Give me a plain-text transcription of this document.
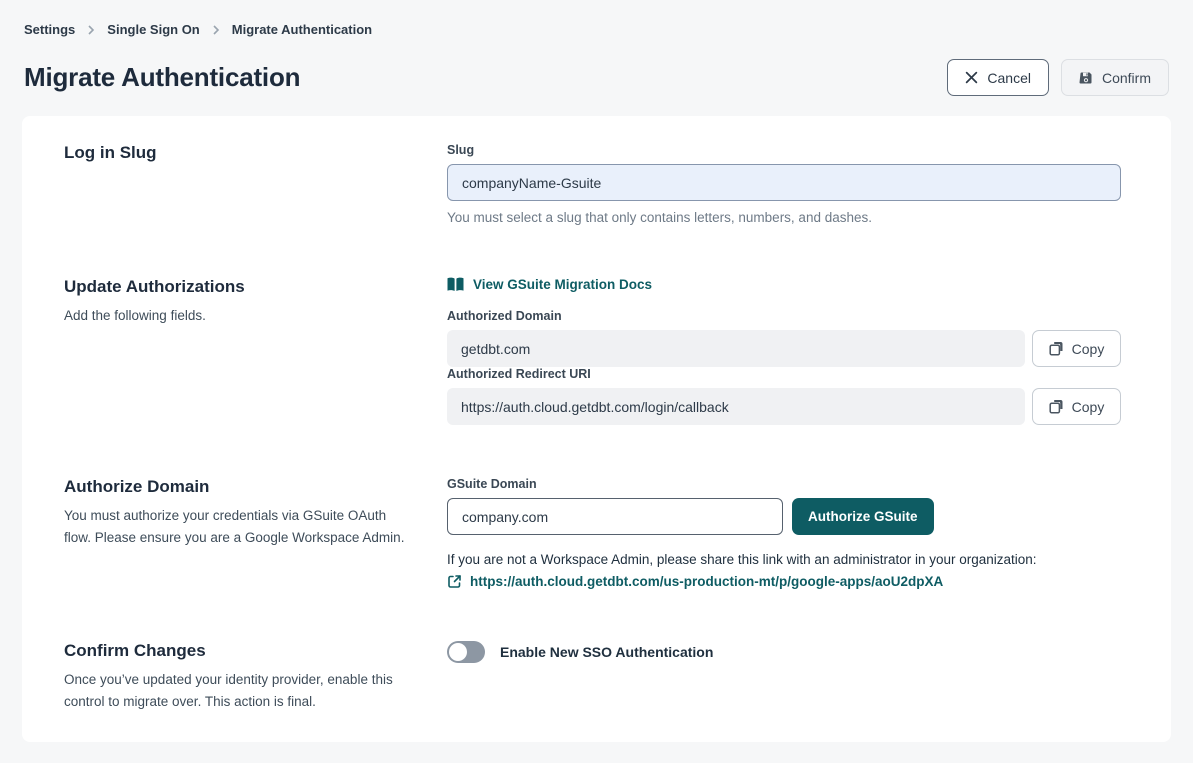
Settings Single Sign On Migrate Authentication
Migrate Authentication	Cancel	Confirm
Log in Slug	Slug
companyName-Gsuite
You must select a slug that only contains letters, numbers, and dashes.
Update Authorizations
Add the following fields.
View GSuite Migration Docs
Authorized Domain
getdbt.com	Copy
Authorized Redirect URI
https://auth.cloud.getdbt.com/login/callback	Copy
Authorize Domain
You must authorize your credentials via GSuite OAuth flow. Please ensure you are a Google Workspace Admin.
GSuite Domain
company.com
Authorize GSuite
If you are not a Workspace Admin, please share this link with an administrator in your organization:
https://auth.cloud.getdbt.com/us-production-mt/p/google-apps/aoU2dpXA
Confirm Changes
Once you’ve updated your identity provider, enable this control to migrate over. This action is final.
Enable New SSO Authentication
